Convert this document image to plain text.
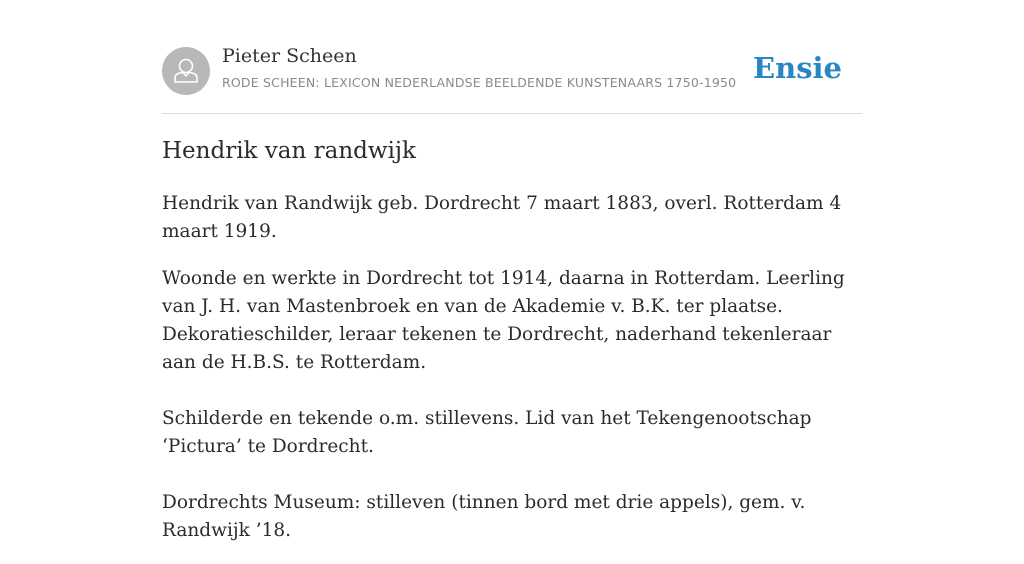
Pieter Scheen
RODE SCHEEN: LEXICON NEDERLANDSE BEELDENDE KUNSTENAARS 1750-1950 Ensie
Hendrik van randwijk

Hendrik van Randwijk geb. Dordrecht 7 maart 1883, overl. Rotterdam 4 maart 1919.

Woonde en werkte in Dordrecht tot 1914, daarna in Rotterdam. Leerling van J. H. van Mastenbroek en van de Akademie v. B.K. ter plaatse. Dekoratieschilder, leraar tekenen te Dordrecht, naderhand tekenleraar aan de H.B.S. te Rotterdam.

Schilderde en tekende o.m. stillevens. Lid van het Tekengenootschap ‘Pictura’ te Dordrecht.

Dordrechts Museum: stilleven (tinnen bord met drie appels), gem. v. Randwijk ’18.
